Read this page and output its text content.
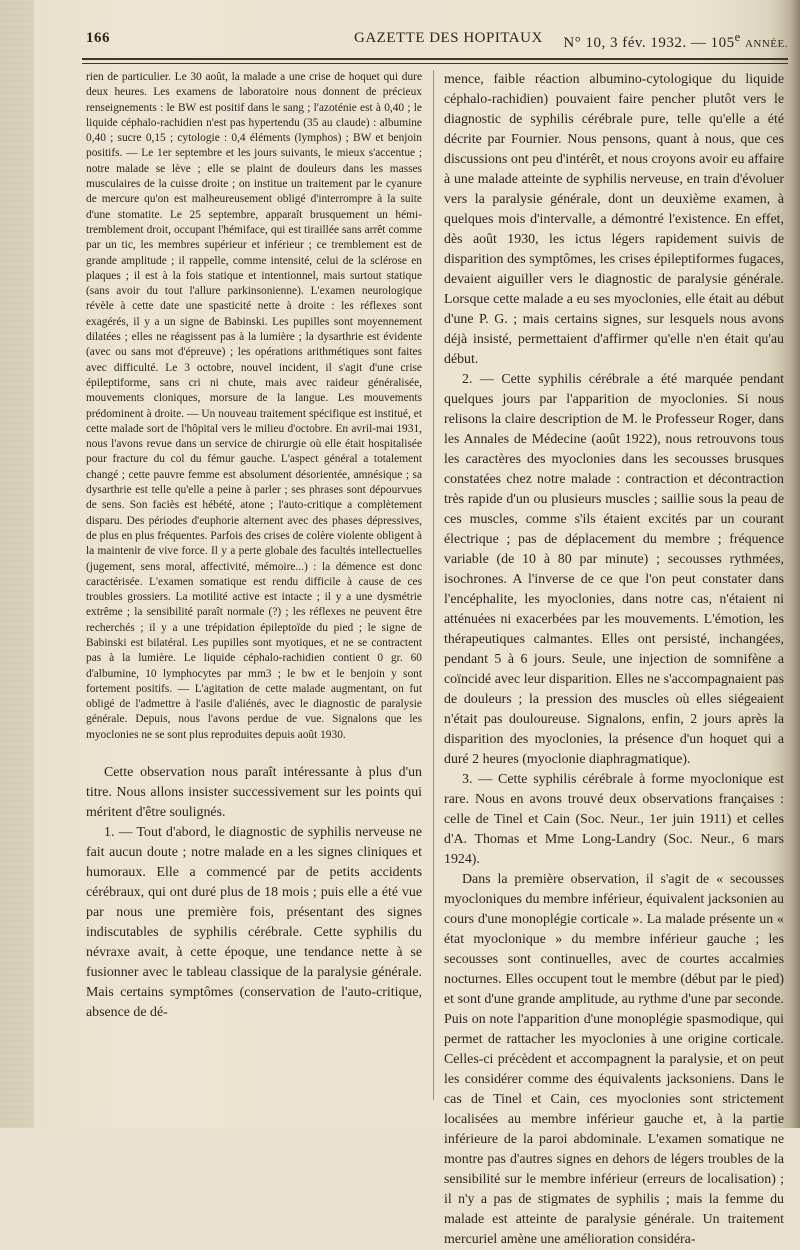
166	GAZETTE DES HOPITAUX N° 10, 3 fév. 1932. — 105e ANNÉE.

rien de particulier. Le 30 août, la malade a une crise de hoquet qui dure deux heures. Les examens de laboratoire nous donnent de précieux renseignements : le BW est positif dans le sang ; l'azoténie est à 0,40 ; le liquide céphalo-rachidien n'est pas hypertendu (35 au claude) : albumine 0,40 ; sucre 0,15 ; cytologie : 0,4 éléments (lymphos) ; BW et benjoin positifs. — Le 1er septembre et les jours suivants, le mieux s'accentue ; notre malade se lève ; elle se plaint de douleurs dans les masses musculaires de la cuisse droite ; on institue un traitement par le cyanure de mercure qu'on est malheureusement obligé d'interrompre à la suite d'une stomatite. Le 25 septembre, apparaît brusquement un hémi-tremblement droit, occupant l'hémiface, qui est tiraillée sans arrêt comme par un tic, les membres supérieur et inférieur ; ce tremblement est de grande amplitude ; il rappelle, comme intensité, celui de la sclérose en plaques ; il est à la fois statique et intentionnel, mais surtout statique (sans avoir du tout l'allure parkinsonienne). L'examen neurologique révèle à cette date une spasticité nette à droite : les réflexes sont exagérés, il y a un signe de Babinski. Les pupilles sont moyennement dilatées ; elles ne réagissent pas à la lumière ; la dysarthrie est évidente (avec ou sans mot d'épreuve) ; les opérations arithmétiques sont faites avec difficulté. Le 3 octobre, nouvel incident, il s'agit d'une crise épileptiforme, sans cri ni chute, mais avec raideur généralisée, mouvements cloniques, morsure de la langue. Les mouvements prédominent à droite. — Un nouveau traitement spécifique est institué, et cette malade sort de l'hôpital vers le milieu d'octobre. En avril-mai 1931, nous l'avons revue dans un service de chirurgie où elle était hospitalisée pour fracture du col du fémur gauche. L'aspect général a totalement changé ; cette pauvre femme est absolument désorientée, amnésique ; sa dysarthrie est telle qu'elle a peine à parler ; ses phrases sont dépourvues de sens. Son faciès est hébété, atone ; l'auto-critique a complètement disparu. Des périodes d'euphorie alternent avec des phases dépressives, de plus en plus fréquentes. Parfois des crises de colère violente obligent à la maintenir de vive force. Il y a perte globale des facultés intellectuelles (jugement, sens moral, affectivité, mémoire...) : la démence est donc caractérisée. L'examen somatique est rendu difficile à cause de ces troubles grossiers. La motilité active est intacte ; il y a une dysmétrie extrême ; la sensibilité paraît normale (?) ; les réflexes ne peuvent être recherchés ; il y a une trépidation épileptoïde du pied ; le signe de Babinski est bilatéral. Les pupilles sont myotiques, et ne se contractent pas à la lumière. Le liquide céphalo-rachidien contient 0 gr. 60 d'albumine, 10 lymphocytes par mm3 ; le bw et le benjoin y sont fortement positifs. — L'agitation de cette malade augmentant, on fut obligé de l'admettre à l'asile d'aliénés, avec le diagnostic de paralysie générale. Depuis, nous l'avons perdue de vue. Signalons que les myoclonies ne se sont plus reproduites depuis août 1930.

Cette observation nous paraît intéressante à plus d'un titre. Nous allons insister successivement sur les points qui méritent d'être soulignés.

1. — Tout d'abord, le diagnostic de syphilis nerveuse ne fait aucun doute ; notre malade en a les signes cliniques et humoraux. Elle a commencé par de petits accidents cérébraux, qui ont duré plus de 18 mois ; puis elle a été vue par nous une première fois, présentant des signes indiscutables de syphilis cérébrale. Cette syphilis du névraxe avait, à cette époque, une tendance nette à se fusionner avec le tableau classique de la paralysie générale. Mais certains symptômes (conservation de l'auto-critique, absence de dé-

mence, faible réaction albumino-cytologique du liquide céphalo-rachidien) pouvaient faire pencher plutôt vers le diagnostic de syphilis cérébrale pure, telle qu'elle a été décrite par Fournier. Nous pensons, quant à nous, que ces discussions ont peu d'intérêt, et nous croyons avoir eu affaire à une malade atteinte de syphilis nerveuse, en train d'évoluer vers la paralysie générale, dont un deuxième examen, à quelques mois d'intervalle, a démontré l'existence. En effet, dès août 1930, les ictus légers rapidement suivis de disparition des symptômes, les crises épileptiformes fugaces, devaient aiguiller vers le diagnostic de paralysie générale. Lorsque cette malade a eu ses myoclonies, elle était au début d'une P. G. ; mais certains signes, sur lesquels nous avons déjà insisté, permettaient d'affirmer qu'elle n'en était qu'au début.

2. — Cette syphilis cérébrale a été marquée pendant quelques jours par l'apparition de myoclonies. Si nous relisons la claire description de M. le Professeur Roger, dans les Annales de Médecine (août 1922), nous retrouvons tous les caractères des myoclonies dans les secousses brusques constatées chez notre malade : contraction et décontraction très rapide d'un ou plusieurs muscles ; saillie sous la peau de ces muscles, comme s'ils étaient excités par un courant électrique ; pas de déplacement du membre ; fréquence variable (de 10 à 80 par minute) ; secousses rythmées, isochrones. A l'inverse de ce que l'on peut constater dans l'encéphalite, les myoclonies, dans notre cas, n'étaient ni atténuées ni exacerbées par les mouvements. L'émotion, les thérapeutiques calmantes. Elles ont persisté, inchangées, pendant 5 à 6 jours. Seule, une injection de somnifène a coïncidé avec leur disparition. Elles ne s'accompagnaient pas de douleurs ; la pression des muscles où elles siégeaient n'était pas douloureuse. Signalons, enfin, 2 jours après la disparition des myoclonies, la présence d'un hoquet qui a duré 2 heures (myoclonie diaphragmatique).

3. — Cette syphilis cérébrale à forme myoclonique est rare. Nous en avons trouvé deux observations françaises : celle de Tinel et Cain (Soc. Neur., 1er juin 1911) et celles d'A. Thomas et Mme Long-Landry (Soc. Neur., 6 mars 1924).

Dans la première observation, il s'agit de « secousses myocloniques du membre inférieur, équivalent jacksonien au cours d'une monoplégie corticale ». La malade présente un « état myoclonique » du membre inférieur gauche ; les secousses sont continuelles, avec de courtes accalmies nocturnes. Elles occupent tout le membre (début par le pied) et sont d'une grande amplitude, au rythme d'une par seconde. Puis on note l'apparition d'une monoplégie spasmodique, qui permet de rattacher les myoclonies à une origine corticale. Celles-ci précèdent et accompagnent la paralysie, et on peut les considérer comme des équivalents jacksoniens. Dans le cas de Tinel et Cain, ces myoclonies sont strictement localisées au membre inférieur gauche et, à la partie inférieure de la paroi abdominale. L'examen somatique ne montre pas d'autres signes en dehors de légers troubles de la sensibilité sur le membre inférieur (erreurs de localisation) ; il n'y a pas de stigmates de syphilis ; mais la femme du malade est atteinte de paralysie générale. Un traitement mercuriel amène une amélioration considéra-
